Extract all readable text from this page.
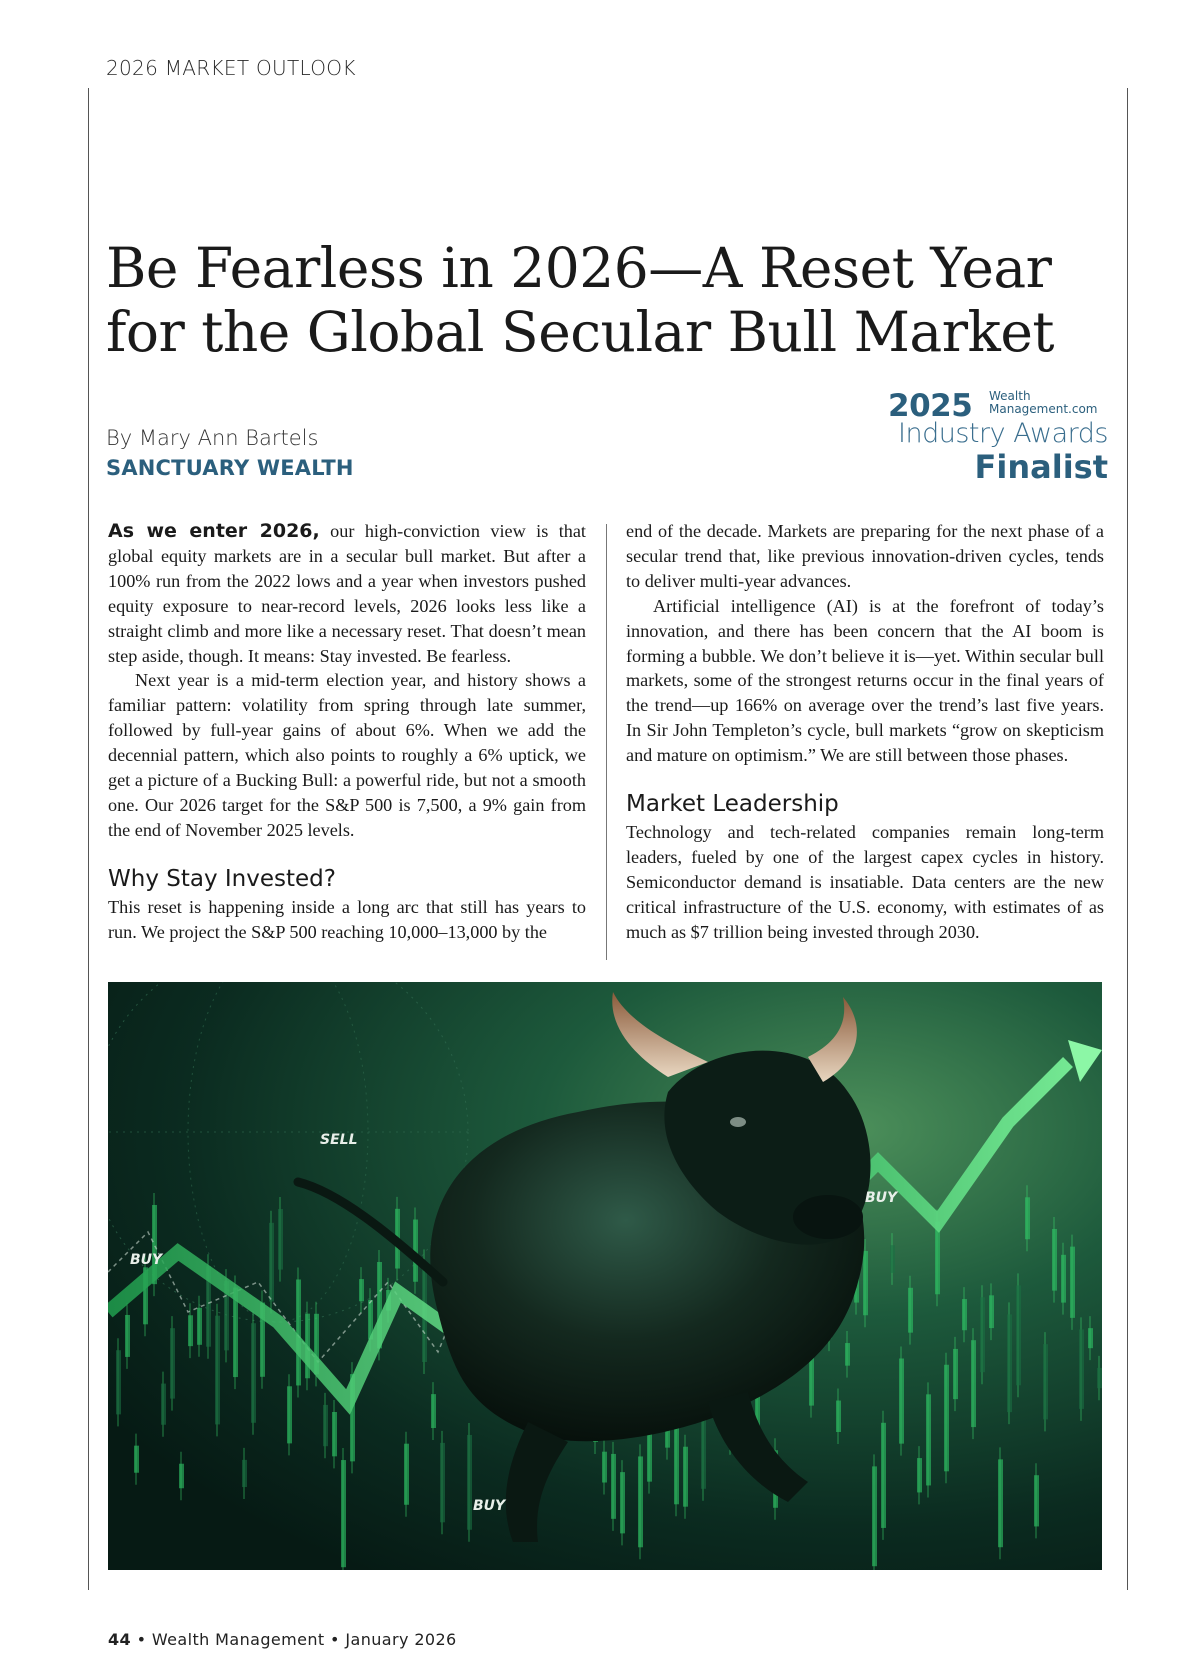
2026 MARKET OUTLOOK
Be Fearless in 2026—A Reset Year for the Global Secular Bull Market
By Mary Ann Bartels
SANCTUARY WEALTH
2025 Wealth
Management.com
Industry Awards
Finalist

As we enter 2026, our high-conviction view is that global equity markets are in a secular bull market. But after a 100% run from the 2022 lows and a year when investors pushed equity exposure to near-record levels, 2026 looks less like a straight climb and more like a necessary reset. That doesn’t mean step aside, though. It means: Stay invested. Be fearless.

Next year is a mid-term election year, and history shows a familiar pattern: volatility from spring through late summer, followed by full-year gains of about 6%. When we add the decennial pattern, which also points to roughly a 6% uptick, we get a picture of a Bucking Bull: a powerful ride, but not a smooth one. Our 2026 target for the S&P 500 is 7,500, a 9% gain from the end of November 2025 levels.

Why Stay Invested?

This reset is happening inside a long arc that still has years to run. We project the S&P 500 reaching 10,000–13,000 by the

end of the decade. Markets are preparing for the next phase of a secular trend that, like previous innovation-driven cycles, tends to deliver multi-year advances.

Artificial intelligence (AI) is at the forefront of today’s innovation, and there has been concern that the AI boom is forming a bubble. We don’t believe it is—yet. Within secular bull markets, some of the strongest returns occur in the final years of the trend—up 166% on average over the trend’s last five years. In Sir John Templeton’s cycle, bull markets “grow on skepticism and mature on optimism.” We are still between those phases.

Market Leadership

Technology and tech-related companies remain long-term leaders, fueled by one of the largest capex cycles in history. Semiconductor demand is insatiable. Data centers are the new critical infrastructure of the U.S. economy, with estimates of as much as $7 trillion being invested through 2030.

SELL
BUY
BUY
BUY
44 • Wealth Management • January 2026
